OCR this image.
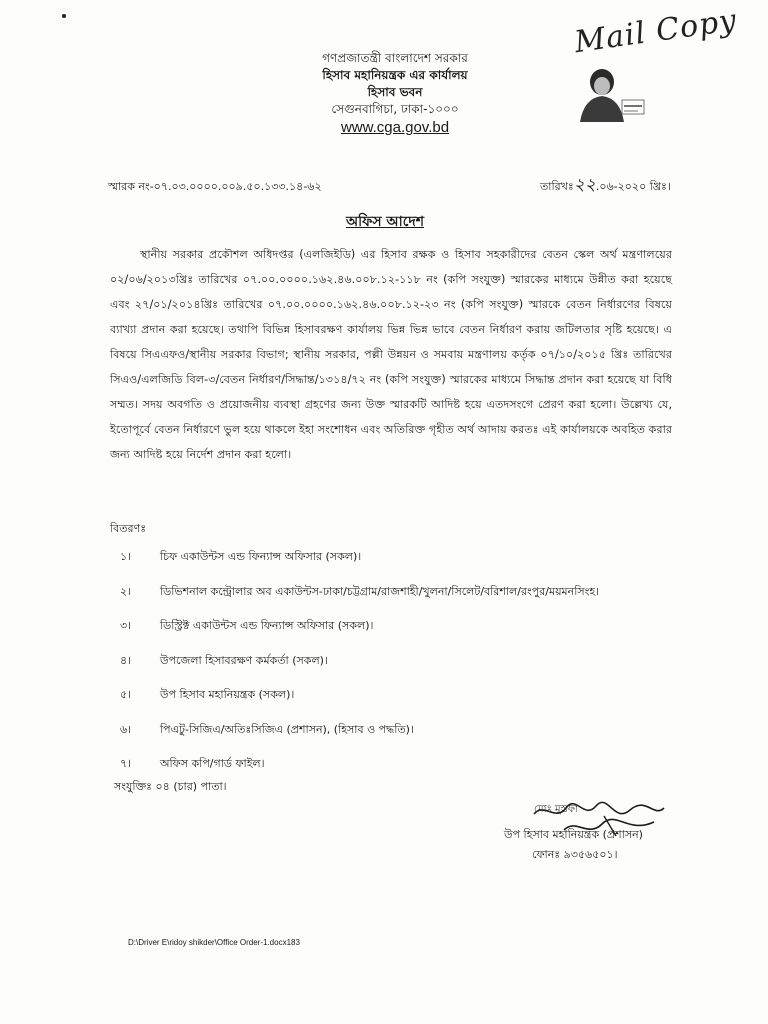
Mail Copy
গণপ্রজাতন্ত্রী বাংলাদেশ সরকার
হিসাব মহানিয়ন্ত্রক এর কার্যালয়
হিসাব ভবন
সেগুনবাগিচা, ঢাকা-১০০০
www.cga.gov.bd
স্মারক নং-০৭.০৩.০০০০.০০৯.৫০.১৩৩.১৪-৬২	তারিখঃ২২.০৬-২০২০ খ্রিঃ।
অফিস আদেশ
স্থানীয় সরকার প্রকৌশল অধিদপ্তর (এলজিইডি) এর হিসাব রক্ষক ও হিসাব সহকারীদের বেতন স্কেল অর্থ মন্ত্রণালয়ের ০২/০৬/২০১৩খ্রিঃ তারিখের ০৭.০০.০০০০.১৬২.৪৬.০০৮.১২-১১৮ নং (কপি সংযুক্ত) স্মারকের মাধ্যমে উন্নীত করা হয়েছে এবং ২৭/০১/২০১৪খ্রিঃ তারিখের ০৭.০০.০০০০.১৬২.৪৬.০০৮.১২-২৩ নং (কপি সংযুক্ত) স্মারকে বেতন নির্ধারণের বিষয়ে ব্যাখ্যা প্রদান করা হয়েছে। তথাপি বিভিন্ন হিসাবরক্ষণ কার্যালয় ভিন্ন ভিন্ন ভাবে বেতন নির্ধারণ করায় জটিলতার সৃষ্টি হয়েছে। এ বিষয়ে সিএএফও/স্থানীয় সরকার বিভাগ; স্থানীয় সরকার, পল্লী উন্নয়ন ও সমবায় মন্ত্রণালয় কর্তৃক ০৭/১০/২০১৫ খ্রিঃ তারিখের সিএও/এলজিডি বিল-৩/বেতন নির্ধারণ/সিদ্ধান্ত/১৩১৪/৭২ নং (কপি সংযুক্ত) স্মারকের মাধ্যমে সিদ্ধান্ত প্রদান করা হয়েছে যা বিধি সম্মত। সদয় অবগতি ও প্রয়োজনীয় ব্যবস্থা গ্রহণের জন্য উক্ত স্মারকটি আদিষ্ট হয়ে এতদসংগে প্রেরণ করা হলো। উল্লেখ্য যে, ইতোপূর্বে বেতন নির্ধারণে ভুল হয়ে থাকলে ইহা সংশোধন এবং অতিরিক্ত গৃহীত অর্থ আদায় করতঃ এই কার্যালয়কে অবহিত করার জন্য আদিষ্ট হয়ে নির্দেশ প্রদান করা হলো।
বিতরণঃ
১।	চিফ একাউন্টস এন্ড ফিন্যান্স অফিসার (সকল)।
২।	ডিভিশনাল কন্ট্রোলার অব একাউন্টস-ঢাকা/চট্টগ্রাম/রাজশাহী/খুলনা/সিলেট/বরিশাল/রংপুর/ময়মনসিংহ।
৩।	ডিস্ট্রিক্ট একাউন্টস এন্ড ফিন্যান্স অফিসার (সকল)।
৪।	উপজেলা হিসাবরক্ষণ কর্মকর্তা (সকল)।
৫।	উপ হিসাব মহানিয়ন্ত্রক (সকল)।
৬।	পিএটু-সিজিএ/অতিঃসিজিএ (প্রশাসন), (হিসাব ও পদ্ধতি)।
৭।	অফিস কপি/গার্ড ফাইল।
সংযুক্তিঃ ০৪ (চার) পাতা।
মোঃ মুস্তফা
উপ হিসাব মহানিয়ন্ত্রক (প্রশাসন)
ফোনঃ ৯৩৫৬৫০১।
D:\Driver E\ridoy shikder\Office Order-1.docx183
